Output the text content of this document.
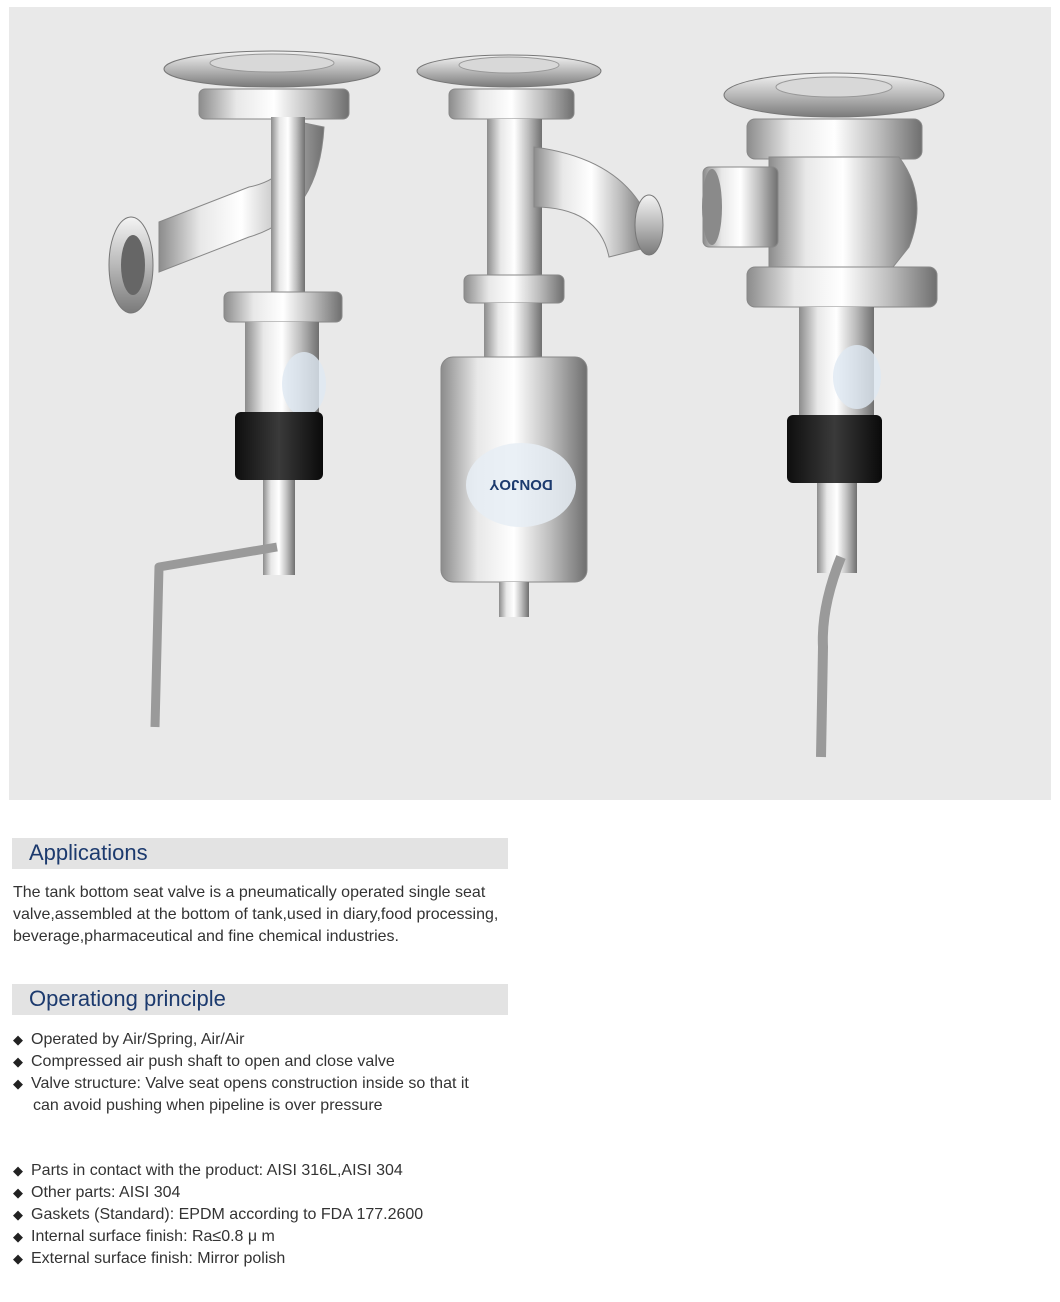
DONJOY
Applications
The tank bottom seat valve is a pneumatically operated single seat valve,assembled at the bottom of tank,used in diary,food processing, beverage,pharmaceutical and fine chemical industries.
Operationg principle
◆ Operated by Air/Spring, Air/Air
◆ Compressed air push shaft to open and close valve
◆ Valve structure: Valve seat opens construction inside so that it
can avoid pushing when pipeline is over pressure
◆ Parts in contact with the product: AISI 316L,AISI 304
◆ Other parts: AISI 304
◆ Gaskets (Standard): EPDM according to FDA 177.2600
◆ Internal surface finish: Ra≤0.8 μ m
◆ External surface finish: Mirror polish
